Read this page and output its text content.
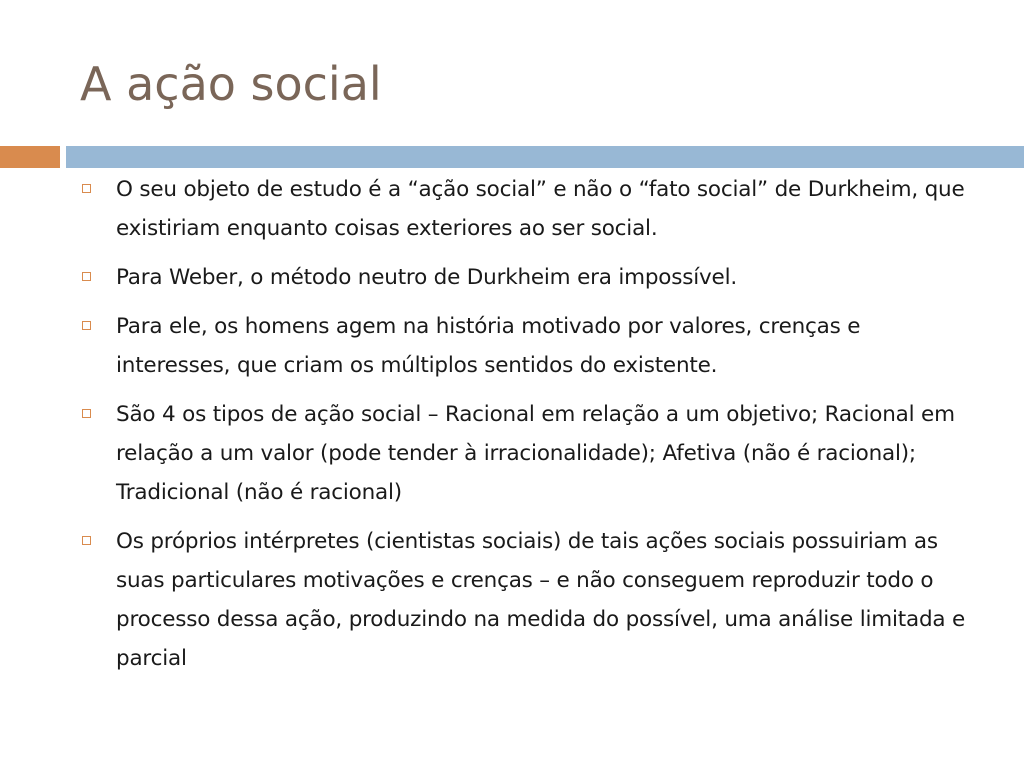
A ação social
O seu objeto de estudo é a “ação social” e não o “fato social” de Durkheim, que existiriam enquanto coisas exteriores ao ser social.
Para Weber, o método neutro de Durkheim era impossível.
Para ele, os homens agem na história motivado por valores, crenças e interesses, que criam os múltiplos sentidos do existente.
São 4 os tipos de ação social – Racional em relação a um objetivo; Racional em relação a um valor (pode tender à irracionalidade); Afetiva (não é racional); Tradicional (não é racional)
Os próprios intérpretes (cientistas sociais) de tais ações sociais possuiriam as suas particulares motivações e crenças – e não conseguem reproduzir todo o processo dessa ação, produzindo na medida do possível, uma análise limitada e parcial
